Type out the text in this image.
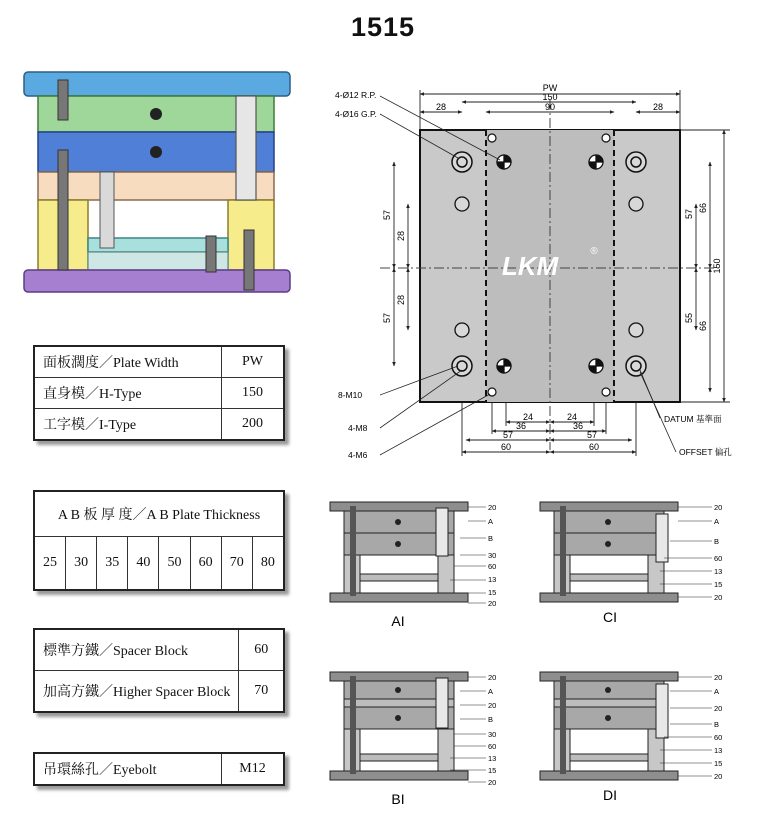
1515
LKM	®
PW
150
28	90	28
57
28
28
57
150
66
57
55
66
24	24
36	36
57	57
60	60
4-Ø12 R.P.
4-Ø16 G.P.
8-M10
4-M8
4-M6
DATUM 基準面
OFFSET 偏孔
AI
20
A
B
30
60
13
15
20
CI
20
A
B
60
13
15
20
BI
20
A
20
B
30
60
13
15
20
DI
20
A
20
B
60
13
15
20
面板濶度／Plate Width	PW
直身模／H-Type	150
工字模／I-Type	200
A B 板 厚 度／A B Plate Thickness
25	30	35	40	50	60	70	80
標準方鐵／Spacer Block	60
加高方鐵／Higher Spacer Block	70
吊環絲孔／Eyebolt	M12
